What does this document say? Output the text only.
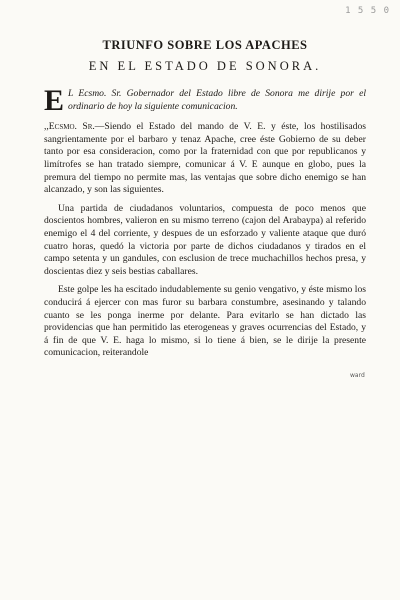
1 5 5 0
TRIUNFO SOBRE LOS APACHES
EN EL ESTADO DE SONORA.
E L Ecsmo. Sr. Gobernador del Estado libre de Sonora me dirije por el ordinario de hoy la siguiente comunicacion.

,,Ecsmo. Sr.—Siendo el Estado del mando de V. E. y éste, los hostilisados sangrientamente por el barbaro y tenaz Apache, cree éste Gobierno de su deber tanto por esa consideracion, como por la fraternidad con que por republicanos y limítrofes se han tratado siempre, comunicar á V. E aunque en globo, pues la premura del tiempo no permite mas, las ventajas que sobre dicho enemigo se han alcanzado, y son las siguientes.

Una partida de ciudadanos voluntarios, compuesta de poco menos que doscientos hombres, valieron en su mismo terreno (cajon del Arabaypa) al referido enemigo el 4 del corriente, y despues de un esforzado y valiente ataque que duró cuatro horas, quedó la victoria por parte de dichos ciudadanos y tirados en el campo setenta y un gandules, con esclusion de trece muchachillos hechos presa, y doscientas diez y seis bestias caballares.

Este golpe les ha escitado indudablemente su genio vengativo, y éste mismo los conducirá á ejercer con mas furor su barbara constumbre, asesinando y talando cuanto se les ponga inerme por delante. Para evitarlo se han dictado las providencias que han permitido las eterogeneas y graves ocurrencias del Estado, y á fin de que V. E. haga lo mismo, si lo tiene á bien, se le dirije la presente comunicacion, reiterandole

ward
